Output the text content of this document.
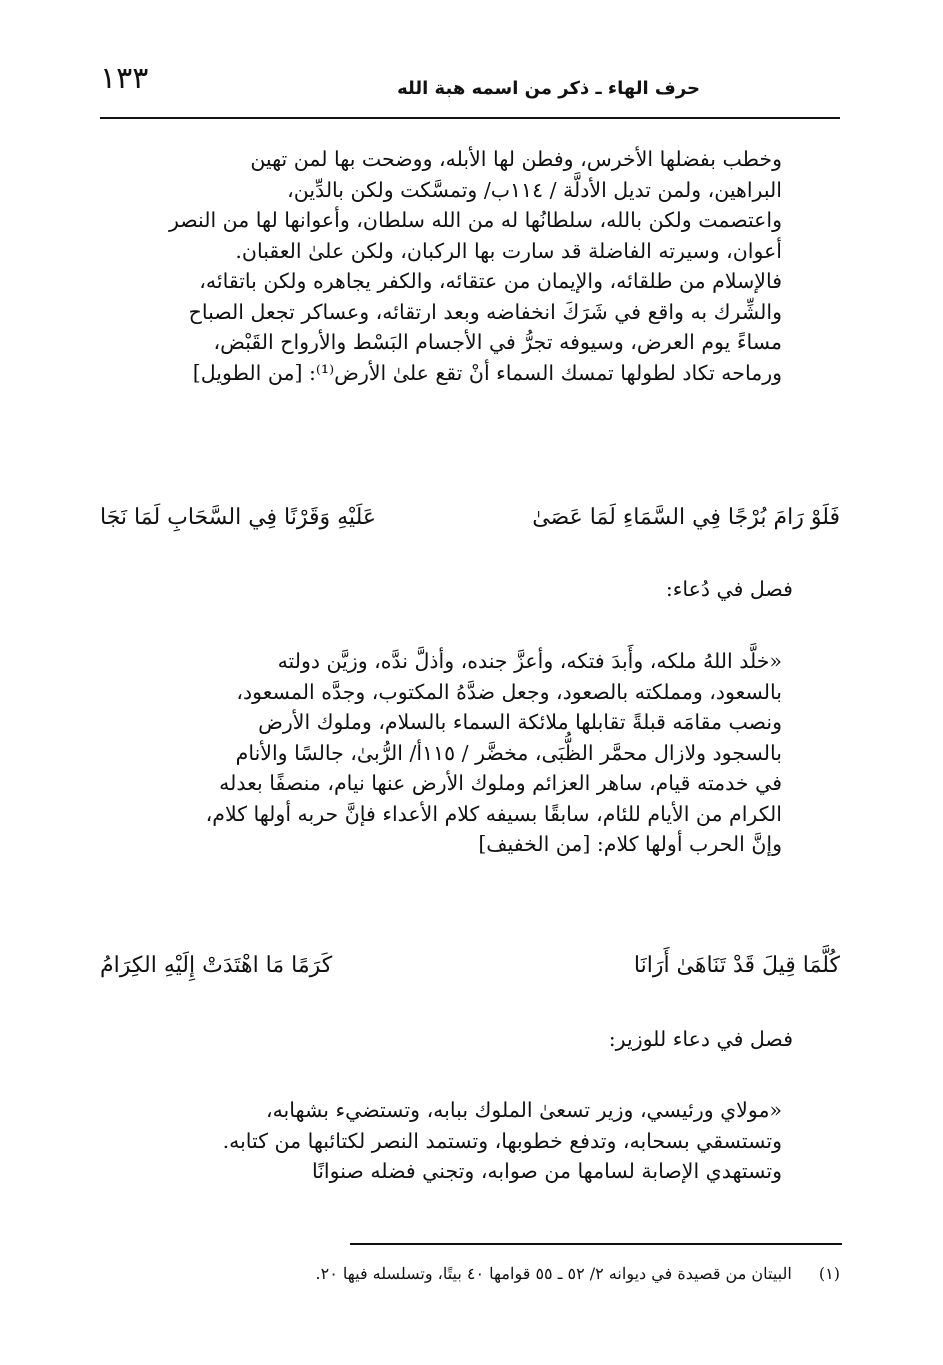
١٣٣	حرف الهاء ـ ذكر من اسمه هبة الله
وخطب بفضلها الأخرس، وفطن لها الأبله، ووضحت بها لمن تهين
البراهين، ولمن تديل الأدلَّة / ١١٤ب/ وتمسَّكت ولكن بالدِّين،
واعتصمت ولكن بالله، سلطانُها له من الله سلطان، وأعوانها لها من النصر
أعوان، وسيرته الفاضلة قد سارت بها الركبان، ولكن علىٰ العقبان.
فالإسلام من طلقائه، والإيمان من عتقائه، والكفر يجاهره ولكن باتقائه،
والشِّرك به واقع في شَرَكَ انخفاضه وبعد ارتقائه، وعساكر تجعل الصباح
مساءً يوم العرض، وسيوفه تجرُّ في الأجسام البَسْط والأرواح القَبْض،
ورماحه تكاد لطولها تمسك السماء أنْ تقع علىٰ الأرض⁽¹⁾: [من الطويل]
فَلَوْ رَامَ بُرْجًا فِي السَّمَاءِ لَمَا عَصَىٰ
عَلَيْهِ وَقَرْنًا فِي السَّحَابِ لَمَا نَجَا
فصل في دُعاء:
«خلَّد اللهُ ملكه، وأَبدَ فتكه، وأعزَّ جنده، وأذلَّ ندَّه، وزيَّن دولته
بالسعود، ومملكته بالصعود، وجعل ضدَّهُ المكتوب، وجدَّه المسعود،
ونصب مقامَه قبلةً تقابلها ملائكة السماء بالسلام، وملوك الأرض
بالسجود ولازال محمَّر الظُّبَى، مخضَّر / ١١٥أ/ الرُّبىٰ، جالسًا والأنام
في خدمته قيام، ساهر العزائم وملوك الأرض عنها نيام، منصفًا بعدله
الكرام من الأيام للئام، سابقًا بسيفه كلام الأعداء فإنَّ حربه أولها كلام،
وإنَّ الحرب أولها كلام: [من الخفيف]
كُلَّمَا قِيلَ قَدْ تَنَاهَىٰ أَرَانَا
كَرَمًا مَا اهْتَدَتْ إِلَيْهِ الكِرَامُ
فصل في دعاء للوزير:
«مولاي ورئيسي، وزير تسعىٰ الملوك ببابه، وتستضيء بشهابه،
وتستسقي بسحابه، وتدفع خطوبها، وتستمد النصر لكتائبها من كتابه.
وتستهدي الإصابة لسامها من صوابه، وتجني فضله صنوانًا
(١) البيتان من قصيدة في ديوانه ٢/ ٥٢ ـ ٥٥ قوامها ٤٠ بيتًا، وتسلسله فيها ٢٠.
